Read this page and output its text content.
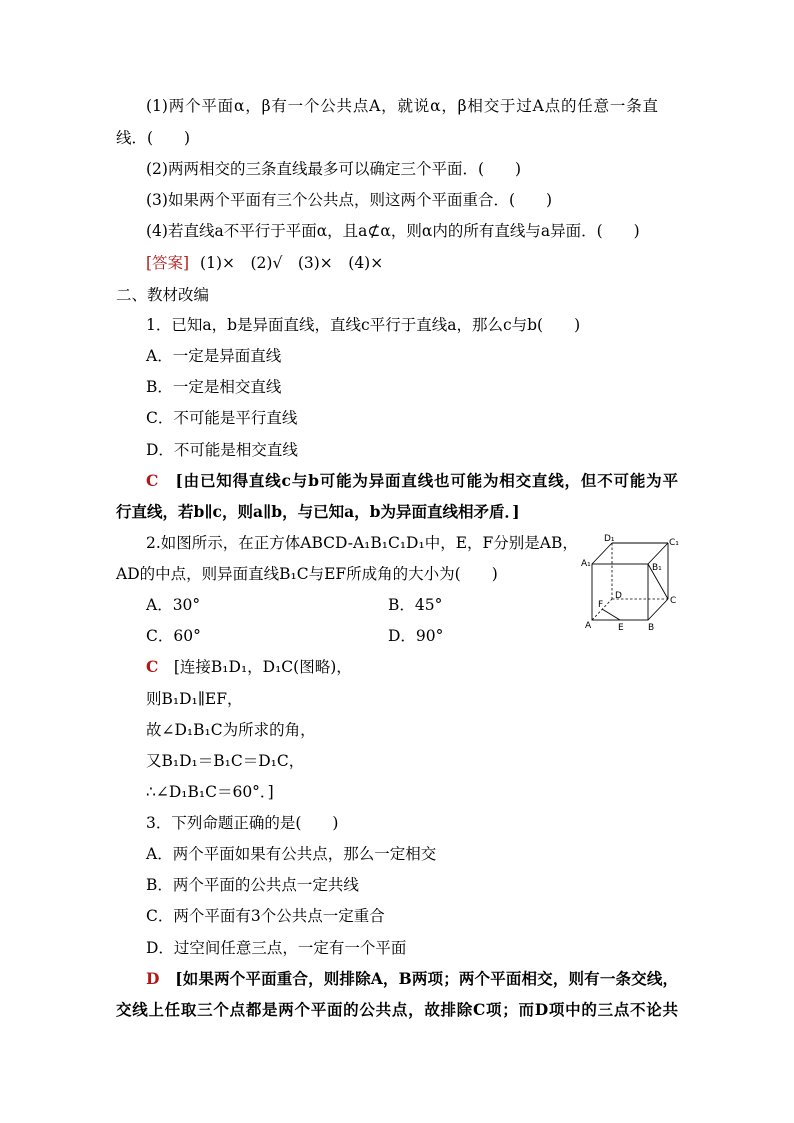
(1)两个平面α，β有一个公共点A，就说α，β相交于过A点的任意一条直
线．(　　)
(2)两两相交的三条直线最多可以确定三个平面．(　　)
(3)如果两个平面有三个公共点，则这两个平面重合．(　　)
(4)若直线a不平行于平面α，且a⊄α，则α内的所有直线与a异面．(　　)
[答案] (1)×　(2)√　(3)×　(4)×
二、教材改编
1．已知a，b是异面直线，直线c平行于直线a，那么c与b(　　)
A．一定是异面直线
B．一定是相交直线
C．不可能是平行直线
D．不可能是相交直线
C　 [由已知得直线c与b可能为异面直线也可能为相交直线，但不可能为平
行直线，若b∥c，则a∥b，与已知a，b为异面直线相矛盾．]
2.如图所示，在正方体ABCD-A₁B₁C₁D₁中，E，F分别是AB，
AD的中点，则异面直线B₁C与EF所成角的大小为(　　)
A．30°	B．45°
C．60°	D．90°
D₁	C₁
A₁	B₁
D	C
F
A	E	B
C　 [连接B₁D₁，D₁C(图略)，
则B₁D₁∥EF，
故∠D₁B₁C为所求的角，
又B₁D₁＝B₁C＝D₁C，
∴∠D₁B₁C＝60°．]
3．下列命题正确的是(　　)
A．两个平面如果有公共点，那么一定相交
B．两个平面的公共点一定共线
C．两个平面有3个公共点一定重合
D．过空间任意三点，一定有一个平面
D　 [如果两个平面重合，则排除A，B两项；两个平面相交，则有一条交线，
交线上任取三个点都是两个平面的公共点，故排除C项；而D项中的三点不论共
